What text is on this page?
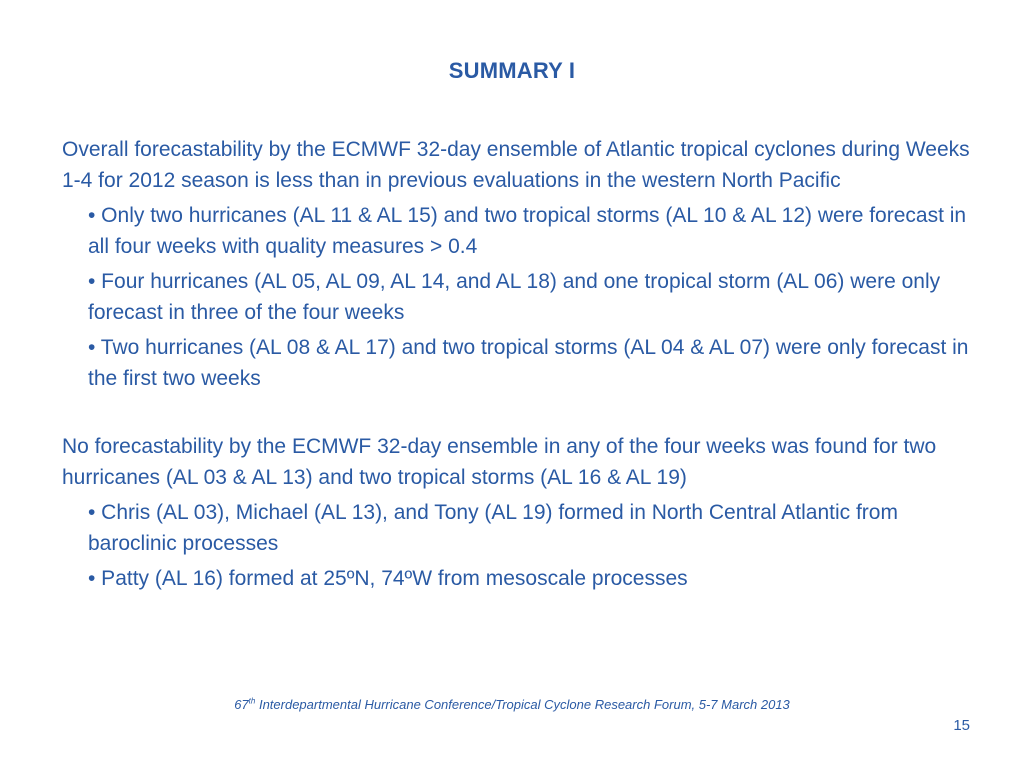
SUMMARY I

Overall forecastability by the ECMWF 32-day ensemble of Atlantic tropical cyclones during Weeks 1-4 for 2012 season is less than in previous evaluations in the western North Pacific

• Only two hurricanes (AL 11 & AL 15) and two tropical storms (AL 10 & AL 12) were forecast in all four weeks with quality measures > 0.4

• Four hurricanes (AL 05, AL 09, AL 14, and AL 18) and one tropical storm (AL 06) were only forecast in three of the four weeks

• Two hurricanes (AL 08 & AL 17) and two tropical storms (AL 04 & AL 07) were only forecast in the first two weeks

No forecastability by the ECMWF 32-day ensemble in any of the four weeks was found for two hurricanes (AL 03 & AL 13) and two tropical storms (AL 16 & AL 19)

• Chris (AL 03), Michael (AL 13), and Tony (AL 19) formed in North Central Atlantic from baroclinic processes

• Patty (AL 16) formed at 25ºN, 74ºW from mesoscale processes

67th Interdepartmental Hurricane Conference/Tropical Cyclone Research Forum, 5-7 March 2013
15
